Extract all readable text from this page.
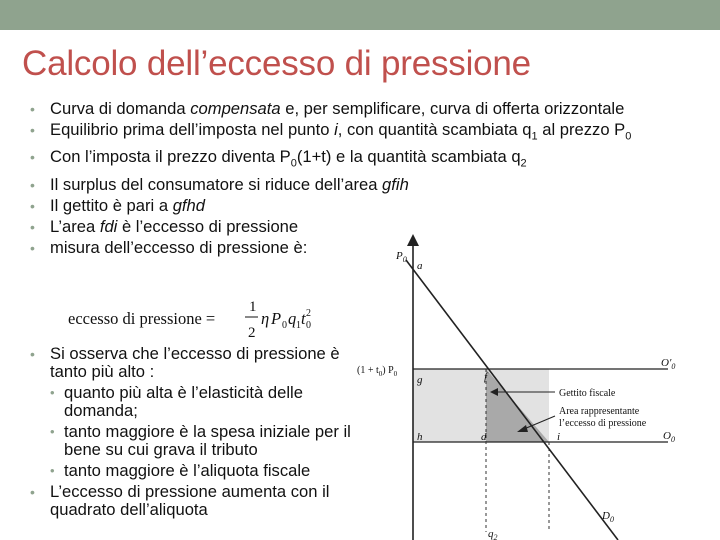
Calcolo dell’eccesso di pressione
• Curva di domanda compensata e, per semplificare, curva di offerta orizzontale
• Equilibrio prima dell’imposta nel punto i, con quantità scambiata $q_1$ al prezzo $P_0$
• Con l’imposta il prezzo diventa $P_0(1+t)$ e la quantità scambiata $q_2$
• Il surplus del consumatore si riduce dell’area gfih
• Il gettito è pari a gfhd
• L’area fdi è l’eccesso di pressione
• misura dell’eccesso di pressione è:
eccesso di pressione =
1
2
η P 0 q 1 t 0
2
• Si osserva che l’eccesso di pressione è tanto più alto :
• quanto più alta è l’elasticità delle domanda;
• tanto maggiore è la spesa iniziale per il bene su cui grava il tributo
• tanto maggiore è l’aliquota fiscale
• L’eccesso di pressione aumenta con il quadrato dell’aliquota
$P_0$
a
$(1 + t_0)$ $P_0$
$O'_0$
$O_0$
g	f
h	d	i
$D_0$
$q_2$
Gettito fiscale
Area rappresentante
l’eccesso di pressione
